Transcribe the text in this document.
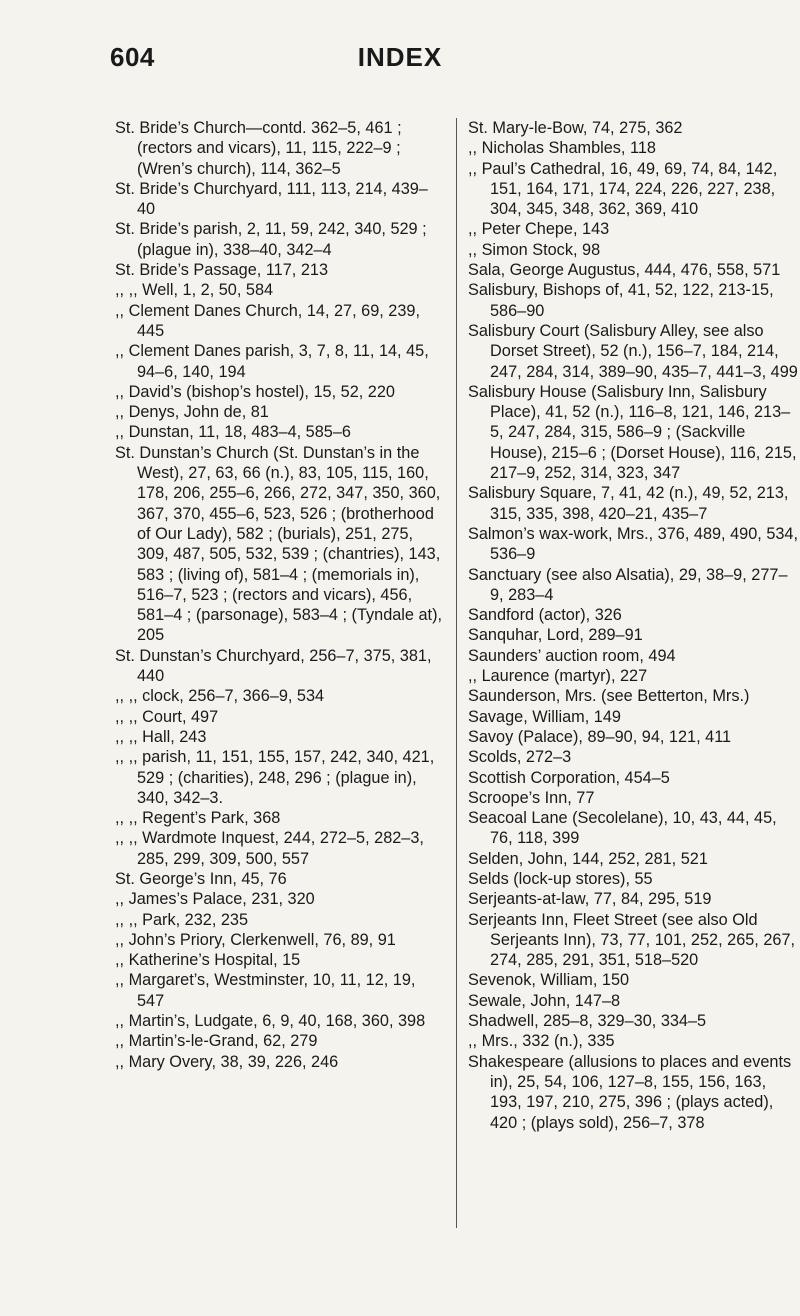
604	INDEX

St. Bride’s Church—contd. 362–5, 461 ; (rectors and vicars), 11, 115, 222–9 ; (Wren’s church), 114, 362–5

St. Bride’s Churchyard, 111, 113, 214, 439–40

St. Bride’s parish, 2, 11, 59, 242, 340, 529 ; (plague in), 338–40, 342–4

St. Bride’s Passage, 117, 213

,, ,, Well, 1, 2, 50, 584

,, Clement Danes Church, 14, 27, 69, 239, 445

,, Clement Danes parish, 3, 7, 8, 11, 14, 45, 94–6, 140, 194

,, David’s (bishop’s hostel), 15, 52, 220

,, Denys, John de, 81

,, Dunstan, 11, 18, 483–4, 585–6

St. Dunstan’s Church (St. Dunstan’s in the West), 27, 63, 66 (n.), 83, 105, 115, 160, 178, 206, 255–6, 266, 272, 347, 350, 360, 367, 370, 455–6, 523, 526 ; (brotherhood of Our Lady), 582 ; (burials), 251, 275, 309, 487, 505, 532, 539 ; (chantries), 143, 583 ; (living of), 581–4 ; (memorials in), 516–7, 523 ; (rectors and vicars), 456, 581–4 ; (parsonage), 583–4 ; (Tyndale at), 205

St. Dunstan’s Churchyard, 256–7, 375, 381, 440

,, ,, clock, 256–7, 366–9, 534

,, ,, Court, 497

,, ,, Hall, 243

,, ,, parish, 11, 151, 155, 157, 242, 340, 421, 529 ; (charities), 248, 296 ; (plague in), 340, 342–3.

,, ,, Regent’s Park, 368

,, ,, Wardmote Inquest, 244, 272–5, 282–3, 285, 299, 309, 500, 557

St. George’s Inn, 45, 76

,, James’s Palace, 231, 320

,, ,, Park, 232, 235

,, John’s Priory, Clerkenwell, 76, 89, 91

,, Katherine’s Hospital, 15

,, Margaret’s, Westminster, 10, 11, 12, 19, 547

,, Martin’s, Ludgate, 6, 9, 40, 168, 360, 398

,, Martin’s-le-Grand, 62, 279

,, Mary Overy, 38, 39, 226, 246

St. Mary-le-Bow, 74, 275, 362

,, Nicholas Shambles, 118

,, Paul’s Cathedral, 16, 49, 69, 74, 84, 142, 151, 164, 171, 174, 224, 226, 227, 238, 304, 345, 348, 362, 369, 410

,, Peter Chepe, 143

,, Simon Stock, 98

Sala, George Augustus, 444, 476, 558, 571

Salisbury, Bishops of, 41, 52, 122, 213-15, 586–90

Salisbury Court (Salisbury Alley, see also Dorset Street), 52 (n.), 156–7, 184, 214, 247, 284, 314, 389–90, 435–7, 441–3, 499

Salisbury House (Salisbury Inn, Salisbury Place), 41, 52 (n.), 116–8, 121, 146, 213–5, 247, 284, 315, 586–9 ; (Sackville House), 215–6 ; (Dorset House), 116, 215, 217–9, 252, 314, 323, 347

Salisbury Square, 7, 41, 42 (n.), 49, 52, 213, 315, 335, 398, 420–21, 435–7

Salmon’s wax-work, Mrs., 376, 489, 490, 534, 536–9

Sanctuary (see also Alsatia), 29, 38–9, 277–9, 283–4

Sandford (actor), 326

Sanquhar, Lord, 289–91

Saunders’ auction room, 494

,, Laurence (martyr), 227

Saunderson, Mrs. (see Betterton, Mrs.)

Savage, William, 149

Savoy (Palace), 89–90, 94, 121, 411

Scolds, 272–3

Scottish Corporation, 454–5

Scroope’s Inn, 77

Seacoal Lane (Secolelane), 10, 43, 44, 45, 76, 118, 399

Selden, John, 144, 252, 281, 521

Selds (lock-up stores), 55

Serjeants-at-law, 77, 84, 295, 519

Serjeants Inn, Fleet Street (see also Old Serjeants Inn), 73, 77, 101, 252, 265, 267, 274, 285, 291, 351, 518–520

Sevenok, William, 150

Sewale, John, 147–8

Shadwell, 285–8, 329–30, 334–5

,, Mrs., 332 (n.), 335

Shakespeare (allusions to places and events in), 25, 54, 106, 127–8, 155, 156, 163, 193, 197, 210, 275, 396 ; (plays acted), 420 ; (plays sold), 256–7, 378
